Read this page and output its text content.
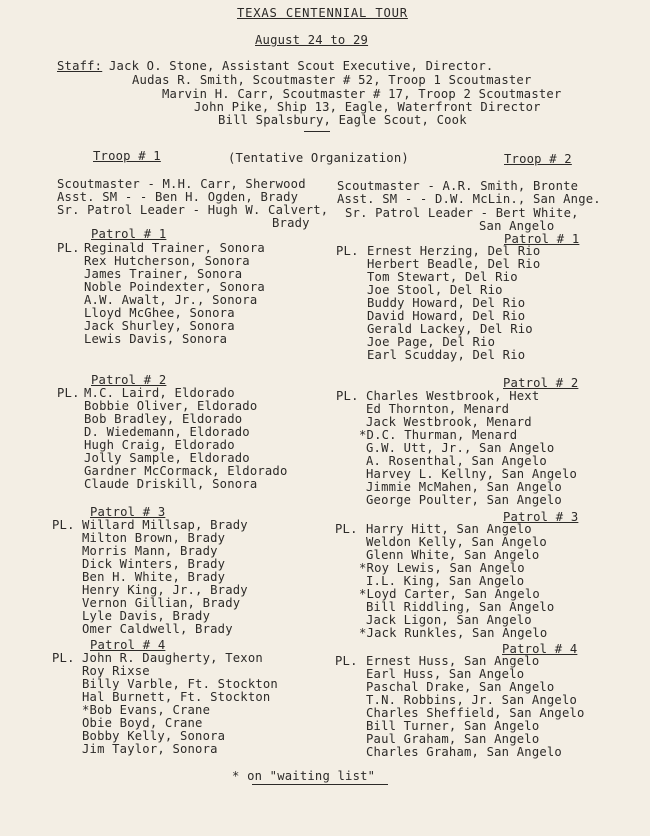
TEXAS CENTENNIAL TOUR
August 24 to 29
Staff: Jack O. Stone, Assistant Scout Executive, Director.
Audas R. Smith, Scoutmaster # 52, Troop 1 Scoutmaster
Marvin H. Carr, Scoutmaster # 17, Troop 2 Scoutmaster
John Pike, Ship 13, Eagle, Waterfront Director
Bill Spalsbury, Eagle Scout, Cook
Troop # 1	(Tentative Organization)	Troop # 2
Scoutmaster - M.H. Carr, Sherwood
Asst. SM - - Ben H. Ogden, Brady
Sr. Patrol Leader - Hugh W. Calvert,
Brady
Scoutmaster - A.R. Smith, Bronte
Asst. SM - - D.W. McLin., San Ange.
Sr. Patrol Leader - Bert White,
San Angelo
Patrol # 1
PL. Reginald Trainer, Sonora
Rex Hutcherson, Sonora
James Trainer, Sonora
Noble Poindexter, Sonora
A.W. Awalt, Jr., Sonora
Lloyd McGhee, Sonora
Jack Shurley, Sonora
Lewis Davis, Sonora
Patrol # 2
PL. M.C. Laird, Eldorado
Bobbie Oliver, Eldorado
Bob Bradley, Eldorado
D. Wiedemann, Eldorado
Hugh Craig, Eldorado
Jolly Sample, Eldorado
Gardner McCormack, Eldorado
Claude Driskill, Sonora
Patrol # 3
PL. Willard Millsap, Brady
Milton Brown, Brady
Morris Mann, Brady
Dick Winters, Brady
Ben H. White, Brady
Henry King, Jr., Brady
Vernon Gillian, Brady
Lyle Davis, Brady
Omer Caldwell, Brady
Patrol # 4
PL. John R. Daugherty, Texon
Roy Rixse
Billy Varble, Ft. Stockton
Hal Burnett, Ft. Stockton
*Bob Evans, Crane
Obie Boyd, Crane
Bobby Kelly, Sonora
Jim Taylor, Sonora
Patrol # 1
PL. Ernest Herzing, Del Rio
Herbert Beadle, Del Rio
Tom Stewart, Del Rio
Joe Stool, Del Rio
Buddy Howard, Del Rio
David Howard, Del Rio
Gerald Lackey, Del Rio
Joe Page, Del Rio
Earl Scudday, Del Rio
Patrol # 2
PL. Charles Westbrook, Hext
Ed Thornton, Menard
Jack Westbrook, Menard
*D.C. Thurman, Menard
G.W. Utt, Jr., San Angelo
A. Rosenthal, San Angelo
Harvey L. Kellny, San Angelo
Jimmie McMahen, San Angelo
George Poulter, San Angelo
Patrol # 3
PL. Harry Hitt, San Angelo
Weldon Kelly, San Angelo
Glenn White, San Angelo
*Roy Lewis, San Angelo
I.L. King, San Angelo
*Loyd Carter, San Angelo
Bill Riddling, San Angelo
Jack Ligon, San Angelo
*Jack Runkles, San Angelo
Patrol # 4
PL. Ernest Huss, San Angelo
Earl Huss, San Angelo
Paschal Drake, San Angelo
T.N. Robbins, Jr. San Angelo
Charles Sheffield, San Angelo
Bill Turner, San Angelo
Paul Graham, San Angelo
Charles Graham, San Angelo
* on "waiting list"
